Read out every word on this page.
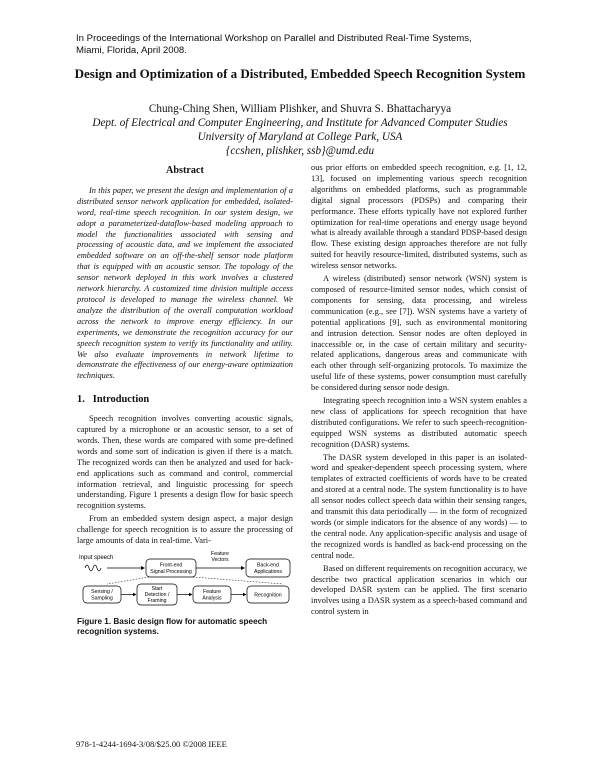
In Proceedings of the International Workshop on Parallel and Distributed Real-Time Systems,
Miami, Florida, April 2008.
Design and Optimization of a Distributed, Embedded Speech Recognition System
Chung-Ching Shen, William Plishker, and Shuvra S. Bhattacharyya
Dept. of Electrical and Computer Engineering, and Institute for Advanced Computer Studies
University of Maryland at College Park, USA
{ccshen, plishker, ssb}@umd.edu
Abstract

In this paper, we present the design and implementation of a distributed sensor network application for embedded, isolated-word, real-time speech recognition. In our system design, we adopt a parameterized-dataflow-based modeling approach to model the functionalities associated with sensing and processing of acoustic data, and we implement the associated embedded software on an off-the-shelf sensor node platform that is equipped with an acoustic sensor. The topology of the sensor network deployed in this work involves a clustered network hierarchy. A customized time division multiple access protocol is developed to manage the wireless channel. We analyze the distribution of the overall computation workload across the network to improve energy efficiency. In our experiments, we demonstrate the recognition accuracy for our speech recognition system to verify its functionality and utility. We also evaluate improvements in network lifetime to demonstrate the effectiveness of our energy-aware optimization techniques.

1. Introduction

Speech recognition involves converting acoustic signals, captured by a microphone or an acoustic sensor, to a set of words. Then, these words are compared with some pre-defined words and some sort of indication is given if there is a match. The recognized words can then be analyzed and used for back-end applications such as command and control, commercial information retrieval, and linguistic processing for speech understanding. Figure 1 presents a design flow for basic speech recognition systems.

From an embedded system design aspect, a major design challenge for speech recognition is to assure the processing of large amounts of data in real-time. Vari-

Input speech
Front-end
Signal Processing
Feature
Vectors
Back-end
Applications
Sensing /
Sampling
Start
Detection /
Framing
Feature
Analysis	Recognition
Figure 1. Basic design flow for automatic speech recognition systems.

ous prior efforts on embedded speech recognition, e.g. [1, 12, 13], focused on implementing various speech recognition algorithms on embedded platforms, such as programmable digital signal processors (PDSPs) and comparing their performance. These efforts typically have not explored further optimization for real-time operations and energy usage beyond what is already available through a standard PDSP-based design flow. These existing design approaches therefore are not fully suited for heavily resource-limited, distributed systems, such as wireless sensor networks.

A wireless (distributed) sensor network (WSN) system is composed of resource-limited sensor nodes, which consist of components for sensing, data processing, and wireless communication (e.g., see [7]). WSN systems have a variety of potential applications [9], such as environmental monitoring and intrusion detection. Sensor nodes are often deployed in inaccessible or, in the case of certain military and security-related applications, dangerous areas and communicate with each other through self-organizing protocols. To maximize the useful life of these systems, power consumption must carefully be considered during sensor node design.

Integrating speech recognition into a WSN system enables a new class of applications for speech recognition that have distributed configurations. We refer to such speech-recognition-equipped WSN systems as distributed automatic speech recognition (DASR) systems.

The DASR system developed in this paper is an isolated-word and speaker-dependent speech processing system, where templates of extracted coefficients of words have to be created and stored at a central node. The system functionality is to have all sensor nodes collect speech data within their sensing ranges, and transmit this data periodically — in the form of recognized words (or simple indicators for the absence of any words) — to the central node. Any application-specific analysis and usage of the recognized words is handled as back-end processing on the central node.

Based on different requirements on recognition accuracy, we describe two practical application scenarios in which our developed DASR system can be applied. The first scenario involves using a DASR system as a speech-based command and control system in

978-1-4244-1694-3/08/$25.00 ©2008 IEEE
